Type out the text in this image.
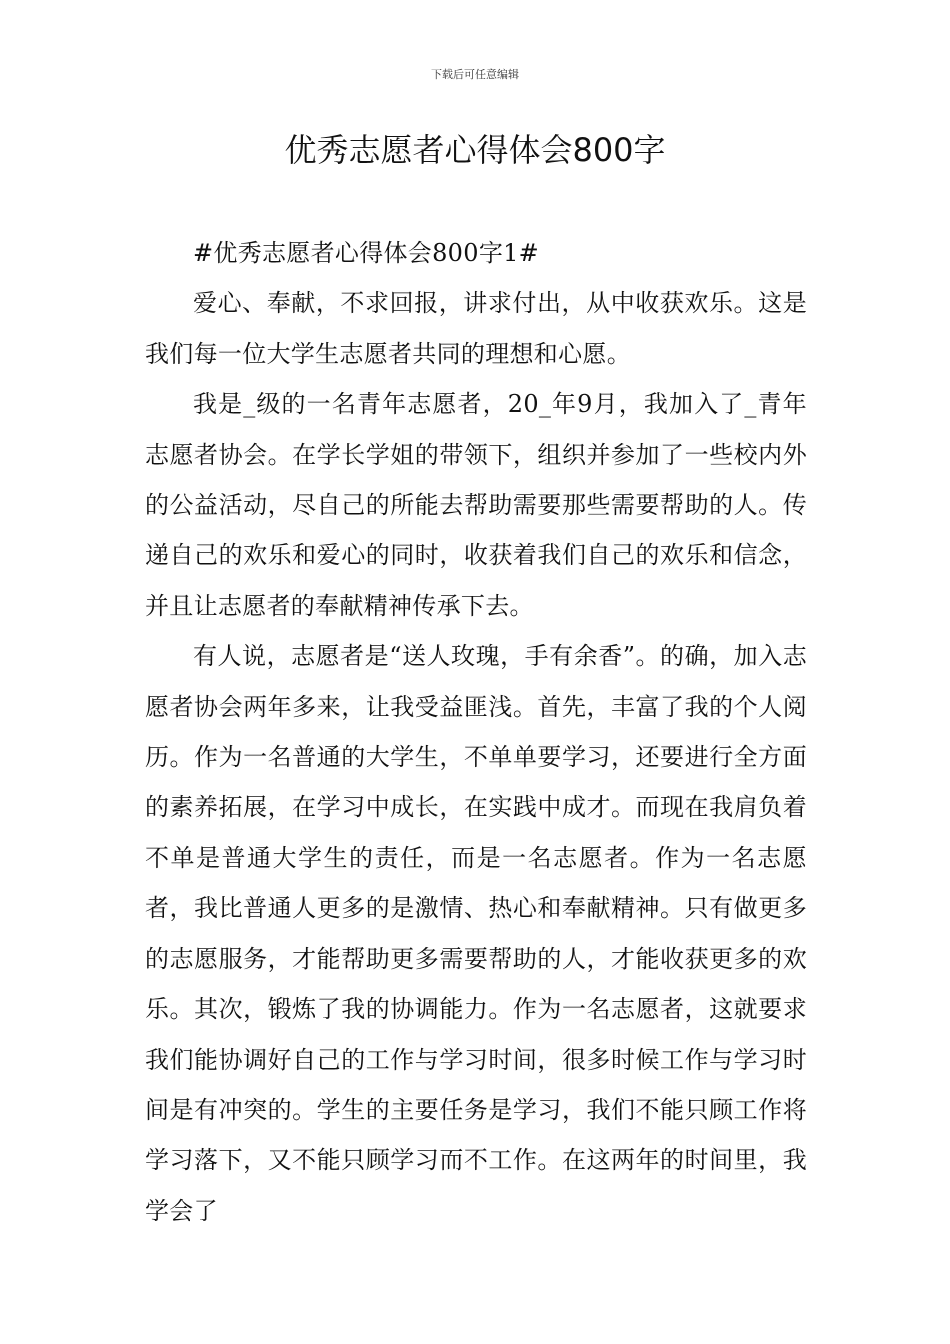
下载后可任意编辑
优秀志愿者心得体会800字

#优秀志愿者心得体会800字1#

爱心、奉献，不求回报，讲求付出，从中收获欢乐。这是我们每一位大学生志愿者共同的理想和心愿。

我是_级的一名青年志愿者，20_年9月，我加入了_青年志愿者协会。在学长学姐的带领下，组织并参加了一些校内外的公益活动，尽自己的所能去帮助需要那些需要帮助的人。传递自己的欢乐和爱心的同时，收获着我们自己的欢乐和信念，并且让志愿者的奉献精神传承下去。

有人说，志愿者是“送人玫瑰，手有余香”。的确，加入志愿者协会两年多来，让我受益匪浅。首先，丰富了我的个人阅历。作为一名普通的大学生，不单单要学习，还要进行全方面的素养拓展，在学习中成长，在实践中成才。而现在我肩负着不单是普通大学生的责任，而是一名志愿者。作为一名志愿者，我比普通人更多的是激情、热心和奉献精神。只有做更多的志愿服务，才能帮助更多需要帮助的人，才能收获更多的欢乐。其次，锻炼了我的协调能力。作为一名志愿者，这就要求我们能协调好自己的工作与学习时间，很多时候工作与学习时间是有冲突的。学生的主要任务是学习，我们不能只顾工作将学习落下，又不能只顾学习而不工作。在这两年的时间里，我学会了
